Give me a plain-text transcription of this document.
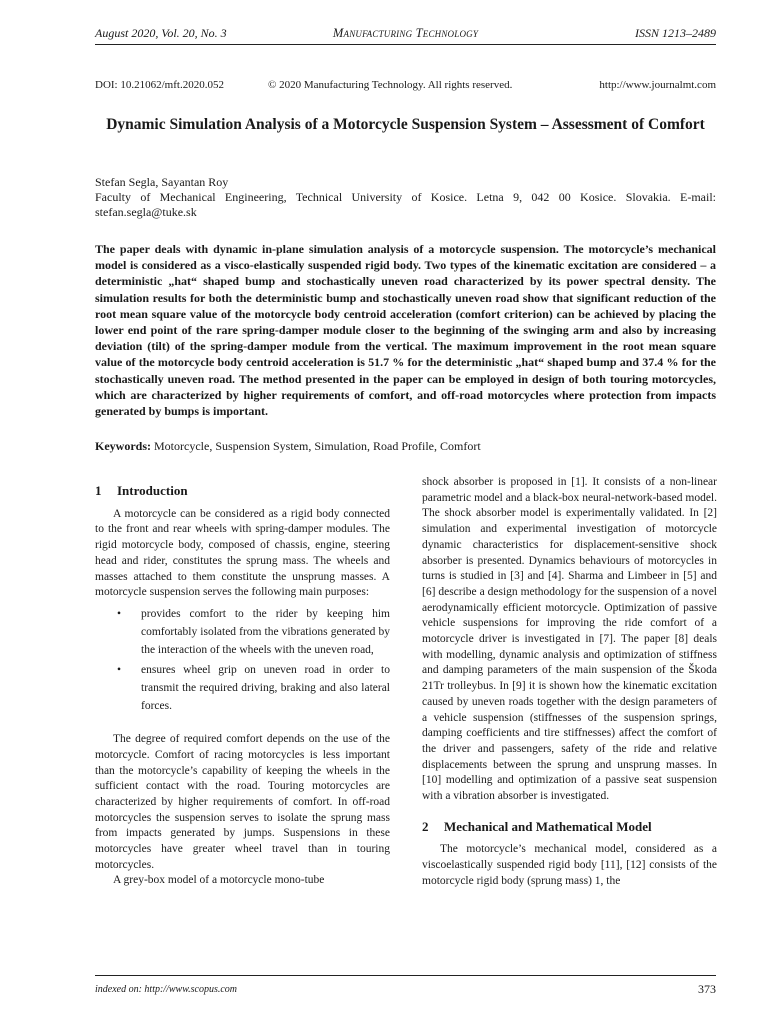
August 2020, Vol. 20, No. 3	Manufacturing Technology	ISSN 1213–2489
DOI: 10.21062/mft.2020.052	© 2020 Manufacturing Technology. All rights reserved.	http://www.journalmt.com
Dynamic Simulation Analysis of a Motorcycle Suspension System – Assessment of Comfort
Stefan Segla, Sayantan Roy
Faculty of Mechanical Engineering, Technical University of Kosice. Letna 9, 042 00 Kosice. Slovakia. E-mail: stefan.segla@tuke.sk
The paper deals with dynamic in-plane simulation analysis of a motorcycle suspension. The motorcycle’s mechanical model is considered as a visco-elastically suspended rigid body. Two types of the kinematic excitation are considered – a deterministic „hat“ shaped bump and stochastically uneven road characterized by its power spectral density. The simulation results for both the deterministic bump and stochastically uneven road show that significant reduction of the root mean square value of the motorcycle body centroid acceleration (comfort criterion) can be achieved by placing the lower end point of the rare spring-damper module closer to the beginning of the swinging arm and also by increasing deviation (tilt) of the spring-damper module from the vertical. The maximum improvement in the root mean square value of the motorcycle body centroid acceleration is 51.7 % for the deterministic „hat“ shaped bump and 37.4 % for the stochastically uneven road. The method presented in the paper can be employed in design of both touring motorcycles, which are characterized by higher requirements of comfort, and off-road motorcycles where protection from impacts generated by bumps is important.
Keywords: Motorcycle, Suspension System, Simulation, Road Profile, Comfort
1 Introduction

A motorcycle can be considered as a rigid body connected to the front and rear wheels with spring-damper modules. The rigid motorcycle body, composed of chassis, engine, steering head and rider, constitutes the sprung mass. The wheels and masses attached to them constitute the unsprung masses. A motorcycle suspension serves the following main purposes:

• provides comfort to the rider by keeping him comfortably isolated from the vibrations generated by the interaction of the wheels with the uneven road,
• ensures wheel grip on uneven road in order to transmit the required driving, braking and also lateral forces.

The degree of required comfort depends on the use of the motorcycle. Comfort of racing motorcycles is less important than the motorcycle’s capability of keeping the wheels in the sufficient contact with the road. Touring motorcycles are characterized by higher requirements of comfort. In off-road motorcycles the suspension serves to isolate the sprung mass from impacts generated by jumps. Suspensions in these motorcycles have greater wheel travel than in touring motorcycles.

A grey-box model of a motorcycle mono-tube

shock absorber is proposed in [1]. It consists of a non-linear parametric model and a black-box neural-network-based model. The shock absorber model is experimentally validated. In [2] simulation and experimental investigation of motorcycle dynamic characteristics for displacement-sensitive shock absorber is presented. Dynamics behaviours of motorcycles in turns is studied in [3] and [4]. Sharma and Limbeer in [5] and [6] describe a design methodology for the suspension of a novel aerodynamically efficient motorcycle. Optimization of passive vehicle suspensions for improving the ride comfort of a motorcycle driver is investigated in [7]. The paper [8] deals with modelling, dynamic analysis and optimization of stiffness and damping parameters of the main suspension of the Škoda 21Tr trolleybus. In [9] it is shown how the kinematic excitation caused by uneven roads together with the design parameters of a vehicle suspension (stiffnesses of the suspension springs, damping coefficients and tire stiffnesses) affect the comfort of the driver and passengers, safety of the ride and relative displacements between the sprung and unsprung masses. In [10] modelling and optimization of a passive seat suspension with a vibration absorber is investigated.

2 Mechanical and Mathematical Model

The motorcycle’s mechanical model, considered as a viscoelastically suspended rigid body [11], [12] consists of the motorcycle rigid body (sprung mass) 1, the

indexed on: http://www.scopus.com	373
